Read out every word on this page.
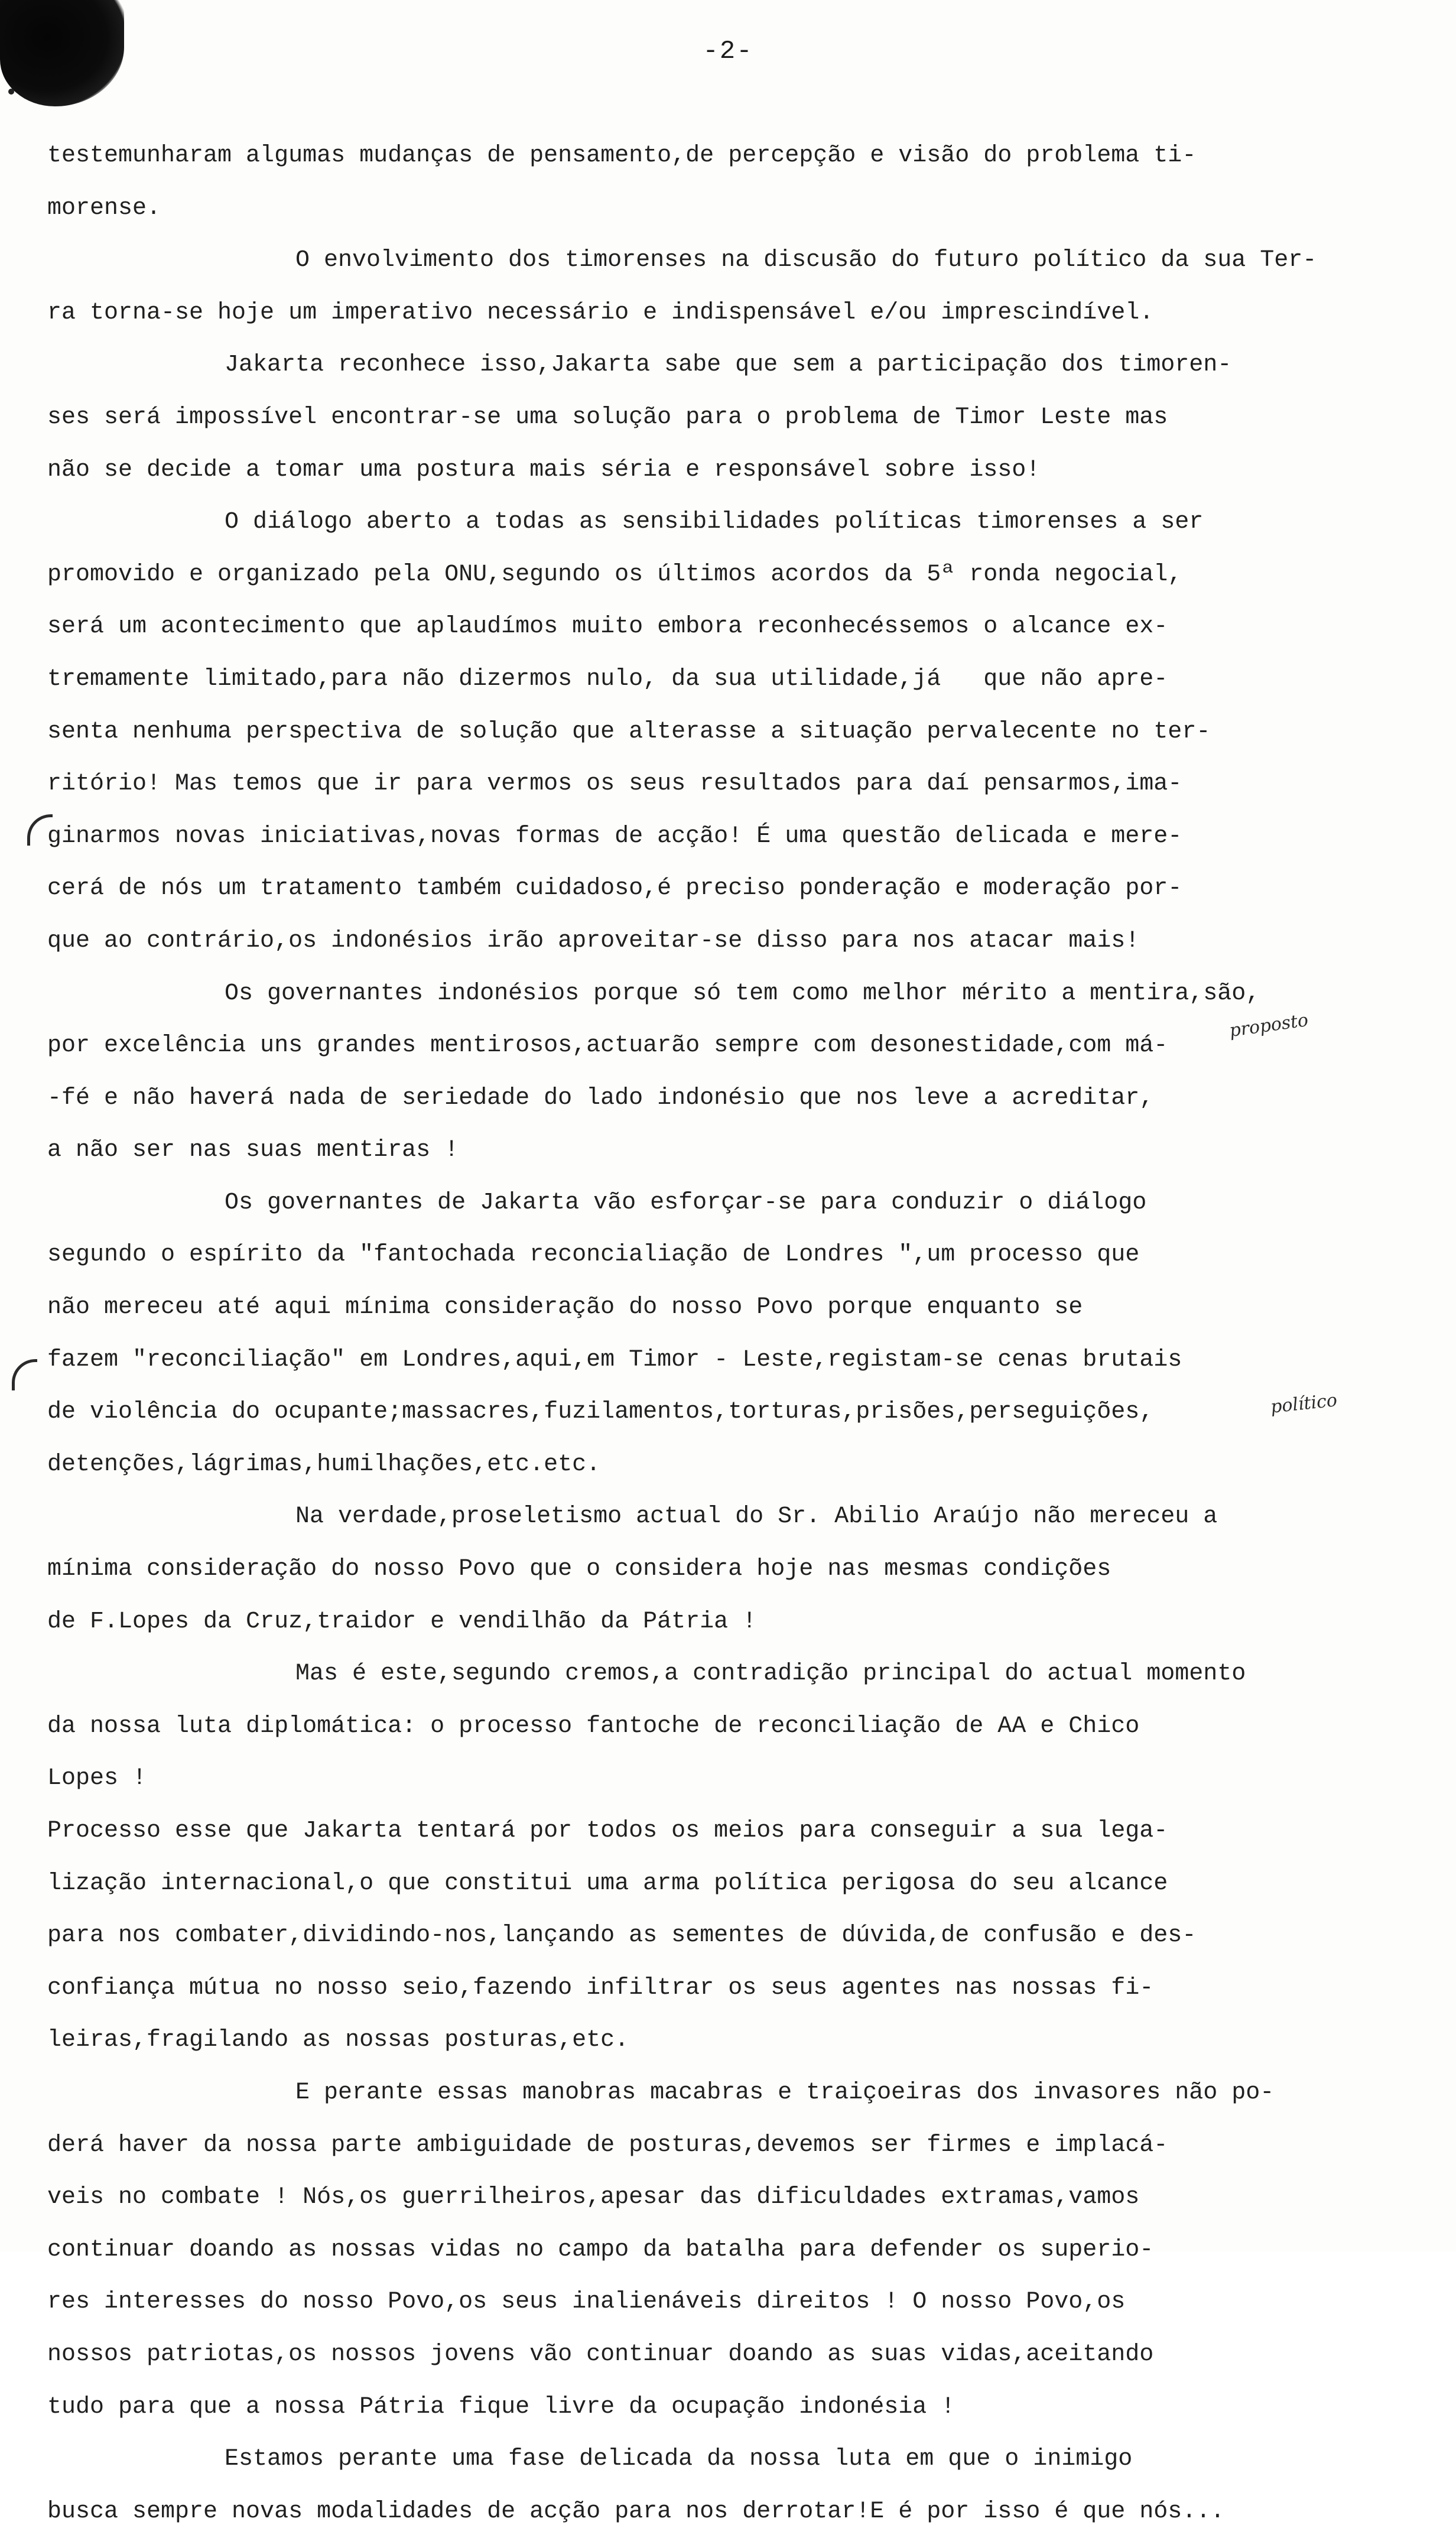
-2-
testemunharam algumas mudanças de pensamento,de percepção e visão do problema ti-
morense.
O envolvimento dos timorenses na discusão do futuro político da sua Ter-
ra torna-se hoje um imperativo necessário e indispensável e/ou imprescindível.
Jakarta reconhece isso,Jakarta sabe que sem a participação dos timoren-
ses será impossível encontrar-se uma solução para o problema de Timor Leste mas
não se decide a tomar uma postura mais séria e responsável sobre isso!
O diálogo aberto a todas as sensibilidades políticas timorenses a ser
promovido e organizado pela ONU,segundo os últimos acordos da 5ª ronda negocial,
será um acontecimento que aplaudímos muito embora reconhecéssemos o alcance ex-
tremamente limitado,para não dizermos nulo, da sua utilidade,já   que não apre-
senta nenhuma perspectiva de solução que alterasse a situação pervalecente no ter-
ritório! Mas temos que ir para vermos os seus resultados para daí pensarmos,ima-
ginarmos novas iniciativas,novas formas de acção! É uma questão delicada e mere-
cerá de nós um tratamento também cuidadoso,é preciso ponderação e moderação por-
que ao contrário,os indonésios irão aproveitar-se disso para nos atacar mais!
Os governantes indonésios porque só tem como melhor mérito a mentira,são,
por excelência uns grandes mentirosos,actuarão sempre com desonestidade,com má-
-fé e não haverá nada de seriedade do lado indonésio que nos leve a acreditar,
a não ser nas suas mentiras !
Os governantes de Jakarta vão esforçar-se para conduzir o diálogo
segundo o espírito da "fantochada reconcialiação de Londres ",um processo que
não mereceu até aqui mínima consideração do nosso Povo porque enquanto se
fazem "reconciliação" em Londres,aqui,em Timor - Leste,registam-se cenas brutais
de violência do ocupante;massacres,fuzilamentos,torturas,prisões,perseguições,
detenções,lágrimas,humilhações,etc.etc.
Na verdade,proseletismo actual do Sr. Abilio Araújo não mereceu a
mínima consideração do nosso Povo que o considera hoje nas mesmas condições
de F.Lopes da Cruz,traidor e vendilhão da Pátria !
Mas é este,segundo cremos,a contradição principal do actual momento
da nossa luta diplomática: o processo fantoche de reconciliação de AA e Chico
Lopes !
Processo esse que Jakarta tentará por todos os meios para conseguir a sua lega-
lização internacional,o que constitui uma arma política perigosa do seu alcance
para nos combater,dividindo-nos,lançando as sementes de dúvida,de confusão e des-
confiança mútua no nosso seio,fazendo infiltrar os seus agentes nas nossas fi-
leiras,fragilando as nossas posturas,etc.
E perante essas manobras macabras e traiçoeiras dos invasores não po-
derá haver da nossa parte ambiguidade de posturas,devemos ser firmes e implacá-
veis no combate ! Nós,os guerrilheiros,apesar das dificuldades extramas,vamos
continuar doando as nossas vidas no campo da batalha para defender os superio-
res interesses do nosso Povo,os seus inalienáveis direitos ! O nosso Povo,os
nossos patriotas,os nossos jovens vão continuar doando as suas vidas,aceitando
tudo para que a nossa Pátria fique livre da ocupação indonésia !
Estamos perante uma fase delicada da nossa luta em que o inimigo
busca sempre novas modalidades de acção para nos derrotar!E é por isso é que nós...
proposto
político
